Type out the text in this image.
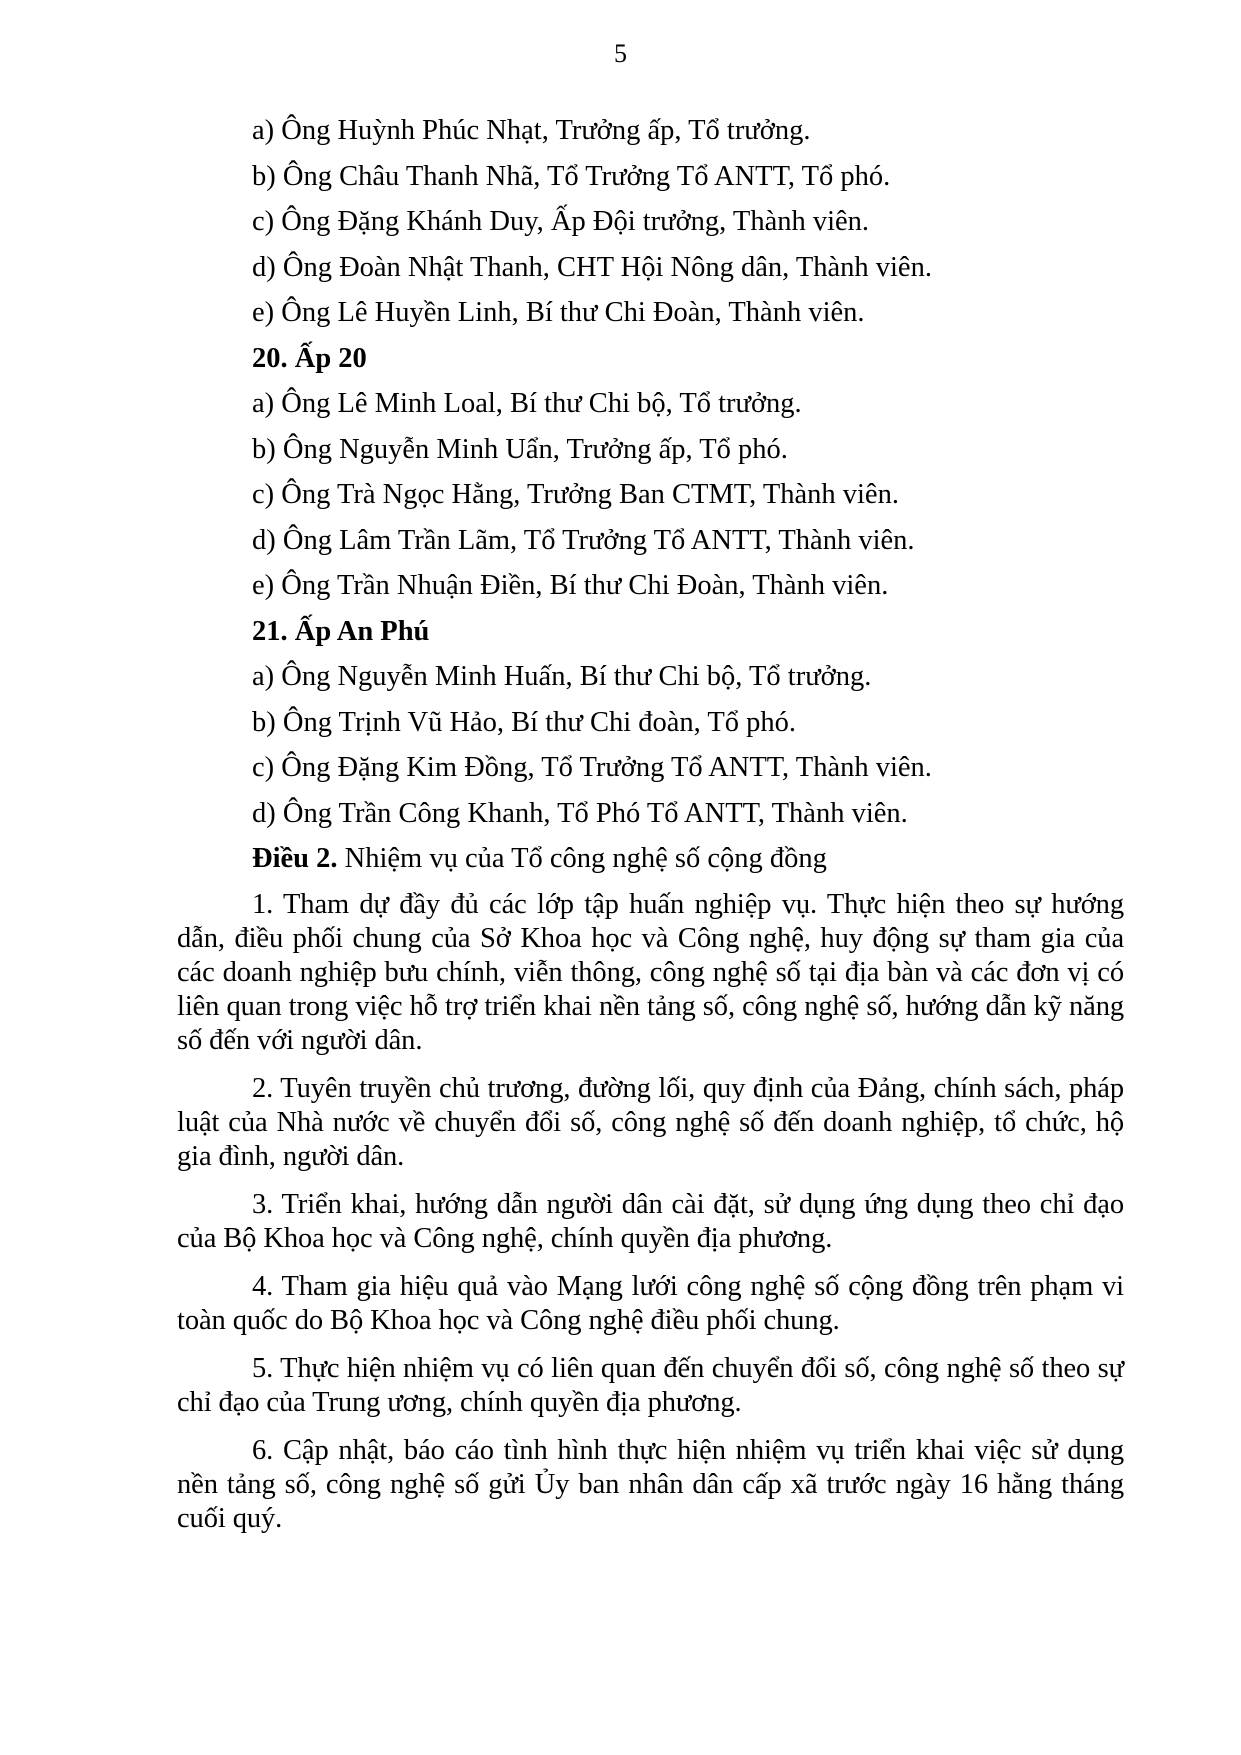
5
a) Ông Huỳnh Phúc Nhạt, Trưởng ấp, Tổ trưởng.
b) Ông Châu Thanh Nhã, Tổ Trưởng Tổ ANTT, Tổ phó.
c) Ông Đặng Khánh Duy, Ấp Đội trưởng, Thành viên.
d) Ông Đoàn Nhật Thanh, CHT Hội Nông dân, Thành viên.
e) Ông Lê Huyền Linh, Bí thư Chi Đoàn, Thành viên.
20. Ấp 20
a) Ông Lê Minh Loal, Bí thư Chi bộ, Tổ trưởng.
b) Ông Nguyễn Minh Uẩn, Trưởng ấp, Tổ phó.
c) Ông Trà Ngọc Hằng, Trưởng Ban CTMT, Thành viên.
d) Ông Lâm Trần Lãm, Tổ Trưởng Tổ ANTT, Thành viên.
e) Ông Trần Nhuận Điền, Bí thư Chi Đoàn, Thành viên.
21. Ấp An Phú
a) Ông Nguyễn Minh Huấn, Bí thư Chi bộ, Tổ trưởng.
b) Ông Trịnh Vũ Hảo, Bí thư Chi đoàn, Tổ phó.
c) Ông Đặng Kim Đồng, Tổ Trưởng Tổ ANTT, Thành viên.
d) Ông Trần Công Khanh, Tổ Phó Tổ ANTT, Thành viên.
Điều 2. Nhiệm vụ của Tổ công nghệ số cộng đồng

1. Tham dự đầy đủ các lớp tập huấn nghiệp vụ. Thực hiện theo sự hướng dẫn, điều phối chung của Sở Khoa học và Công nghệ, huy động sự tham gia của các doanh nghiệp bưu chính, viễn thông, công nghệ số tại địa bàn và các đơn vị có liên quan trong việc hỗ trợ triển khai nền tảng số, công nghệ số, hướng dẫn kỹ năng số đến với người dân.

2. Tuyên truyền chủ trương, đường lối, quy định của Đảng, chính sách, pháp luật của Nhà nước về chuyển đổi số, công nghệ số đến doanh nghiệp, tổ chức, hộ gia đình, người dân.

3. Triển khai, hướng dẫn người dân cài đặt, sử dụng ứng dụng theo chỉ đạo của Bộ Khoa học và Công nghệ, chính quyền địa phương.

4. Tham gia hiệu quả vào Mạng lưới công nghệ số cộng đồng trên phạm vi toàn quốc do Bộ Khoa học và Công nghệ điều phối chung.

5. Thực hiện nhiệm vụ có liên quan đến chuyển đổi số, công nghệ số theo sự chỉ đạo của Trung ương, chính quyền địa phương.

6. Cập nhật, báo cáo tình hình thực hiện nhiệm vụ triển khai việc sử dụng nền tảng số, công nghệ số gửi Ủy ban nhân dân cấp xã trước ngày 16 hằng tháng cuối quý.
